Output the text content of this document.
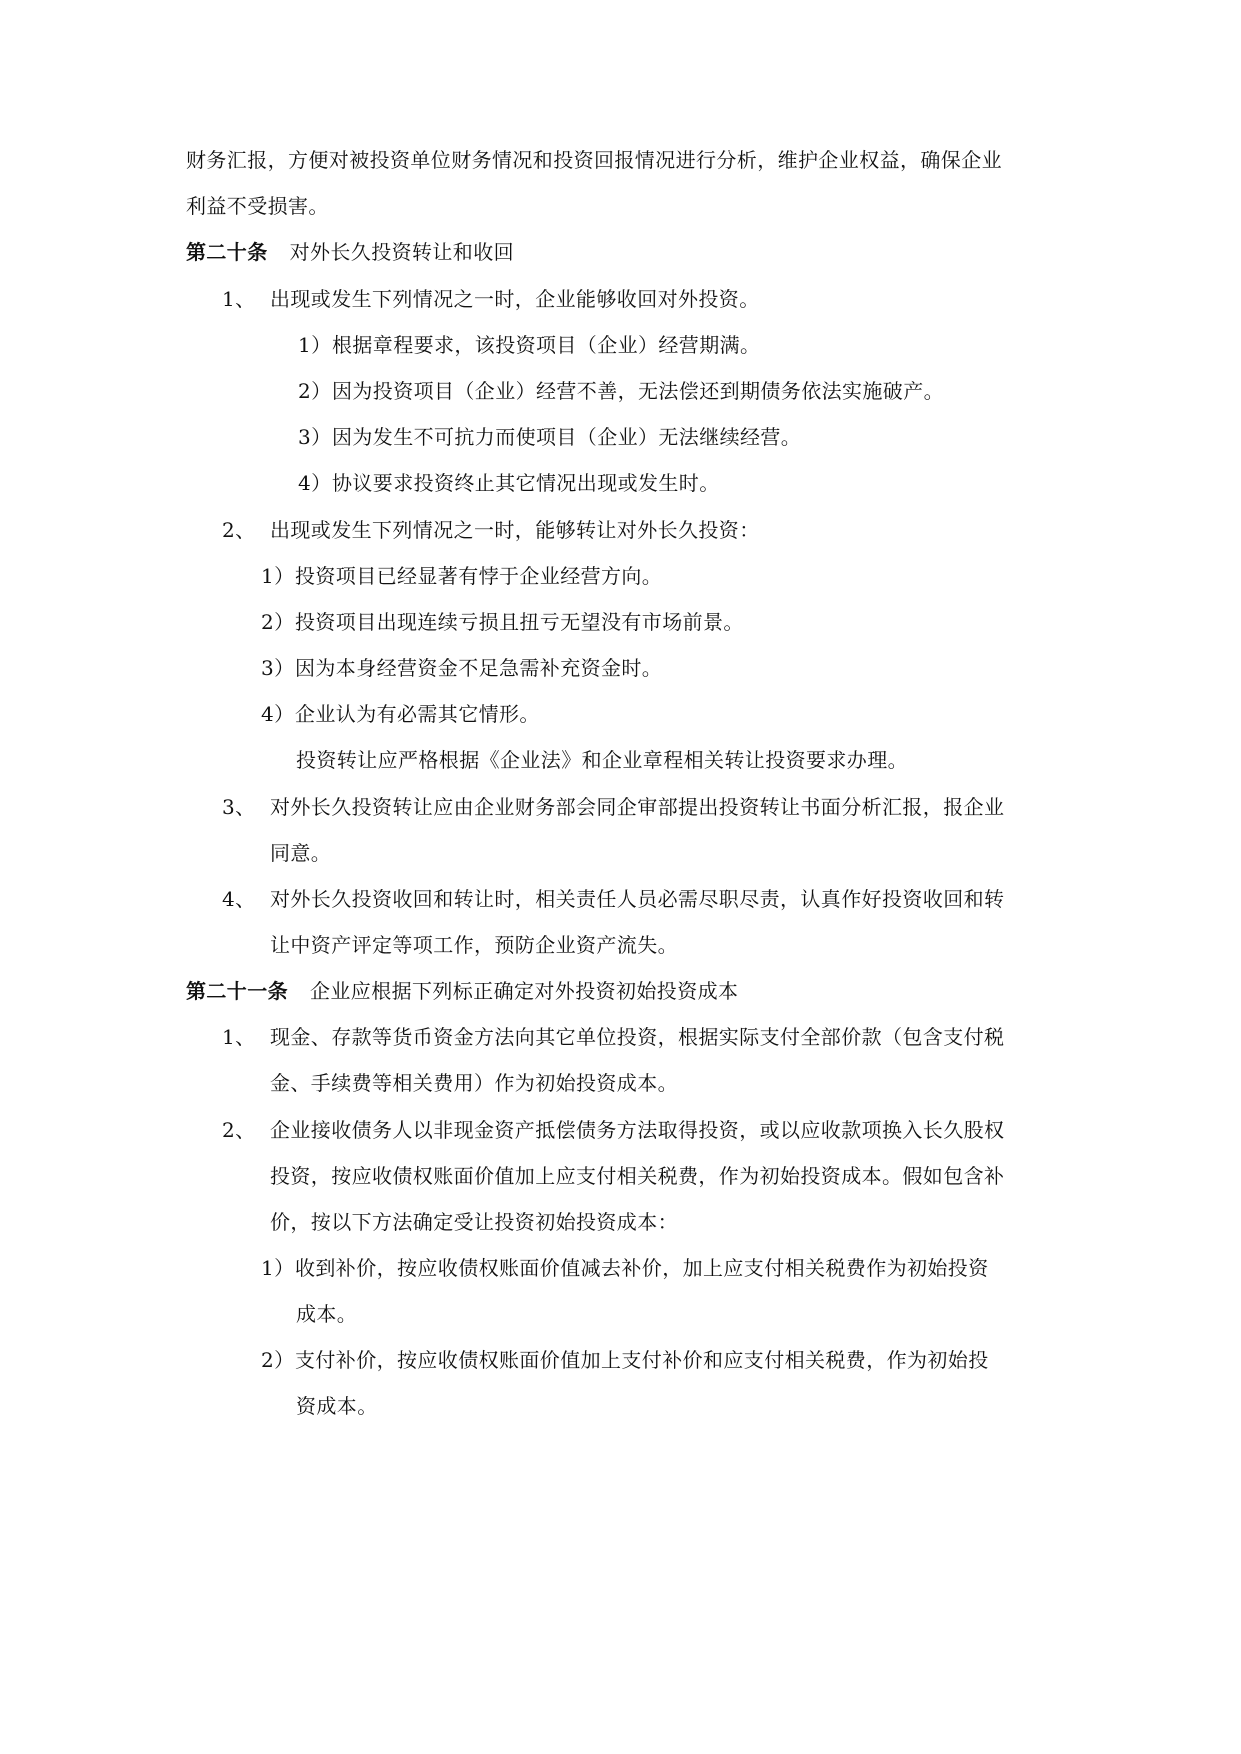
财务汇报，方便对被投资单位财务情况和投资回报情况进行分析，维护企业权益，确保企业
利益不受损害。
第二十条 对外长久投资转让和收回
1、 出现或发生下列情况之一时，企业能够收回对外投资。
1）根据章程要求，该投资项目（企业）经营期满。
2）因为投资项目（企业）经营不善，无法偿还到期债务依法实施破产。
3）因为发生不可抗力而使项目（企业）无法继续经营。
4）协议要求投资终止其它情况出现或发生时。
2、 出现或发生下列情况之一时，能够转让对外长久投资：
1）投资项目已经显著有悖于企业经营方向。
2）投资项目出现连续亏损且扭亏无望没有市场前景。
3）因为本身经营资金不足急需补充资金时。
4）企业认为有必需其它情形。
投资转让应严格根据《企业法》和企业章程相关转让投资要求办理。
3、 对外长久投资转让应由企业财务部会同企审部提出投资转让书面分析汇报，报企业
同意。
4、 对外长久投资收回和转让时，相关责任人员必需尽职尽责，认真作好投资收回和转
让中资产评定等项工作，预防企业资产流失。
第二十一条 企业应根据下列标正确定对外投资初始投资成本
1、 现金、存款等货币资金方法向其它单位投资，根据实际支付全部价款（包含支付税
金、手续费等相关费用）作为初始投资成本。
2、 企业接收债务人以非现金资产抵偿债务方法取得投资，或以应收款项换入长久股权
投资，按应收债权账面价值加上应支付相关税费，作为初始投资成本。假如包含补
价，按以下方法确定受让投资初始投资成本：
1）收到补价，按应收债权账面价值减去补价，加上应支付相关税费作为初始投资
成本。
2）支付补价，按应收债权账面价值加上支付补价和应支付相关税费，作为初始投
资成本。
